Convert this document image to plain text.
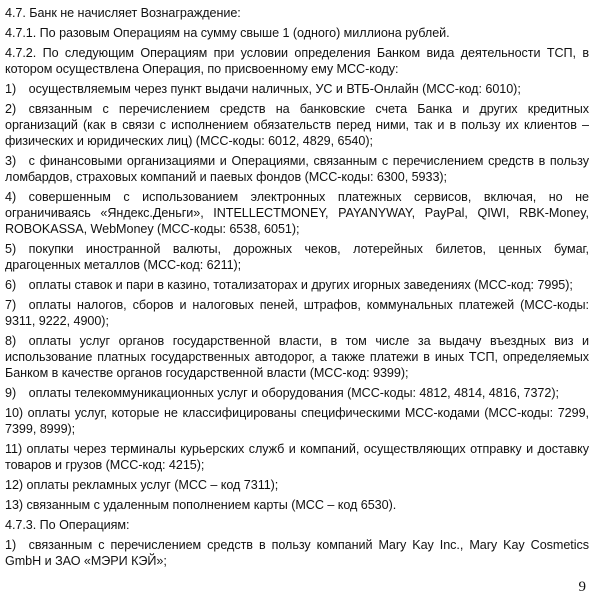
4.7. Банк не начисляет Вознаграждение:

4.7.1. По разовым Операциям на сумму свыше 1 (одного) миллиона рублей.

4.7.2. По следующим Операциям при условии определения Банком вида деятельности ТСП, в котором осуществлена Операция, по присвоенному ему MCC-коду:

1) осуществляемым через пункт выдачи наличных, УС и ВТБ-Онлайн (MCC-код: 6010);

2) связанным с перечислением средств на банковские счета Банка и других кредитных организаций (как в связи с исполнением обязательств перед ними, так и в пользу их клиентов – физических и юридических лиц) (MCC-коды: 6012, 4829, 6540);

3) с финансовыми организациями и Операциями, связанным с перечислением средств в пользу ломбардов, страховых компаний и паевых фондов (MCC-коды: 6300, 5933);

4) совершенным с использованием электронных платежных сервисов, включая, но не ограничиваясь «Яндекс.Деньги», INTELLECTMONEY, PAYANYWAY, PayPal, QIWI, RBK-Money, ROBOKASSA, WebMoney (MCC-коды: 6538, 6051);

5) покупки иностранной валюты, дорожных чеков, лотерейных билетов, ценных бумаг, драгоценных металлов (MCC-код: 6211);

6) оплаты ставок и пари в казино, тотализаторах и других игорных заведениях (MCC-код: 7995);

7) оплаты налогов, сборов и налоговых пеней, штрафов, коммунальных платежей (MCC-коды: 9311, 9222, 4900);

8) оплаты услуг органов государственной власти, в том числе за выдачу въездных виз и использование платных государственных автодорог, а также платежи в иных ТСП, определяемых Банком в качестве органов государственной власти (MCC-код: 9399);

9) оплаты телекоммуникационных услуг и оборудования (MCC-коды: 4812, 4814, 4816, 7372);

10) оплаты услуг, которые не классифицированы специфическими MCC-кодами (MCC-коды: 7299, 7399, 8999);

11) оплаты через терминалы курьерских служб и компаний, осуществляющих отправку и доставку товаров и грузов (MCC-код: 4215);

12) оплаты рекламных услуг (MCC – код 7311);

13) связанным с удаленным пополнением карты (MCC – код 6530).

4.7.3. По Операциям:

1) связанным с перечислением средств в пользу компаний Mary Kay Inc., Mary Kay Cosmetics GmbH и ЗАО «МЭРИ КЭЙ»;

9
